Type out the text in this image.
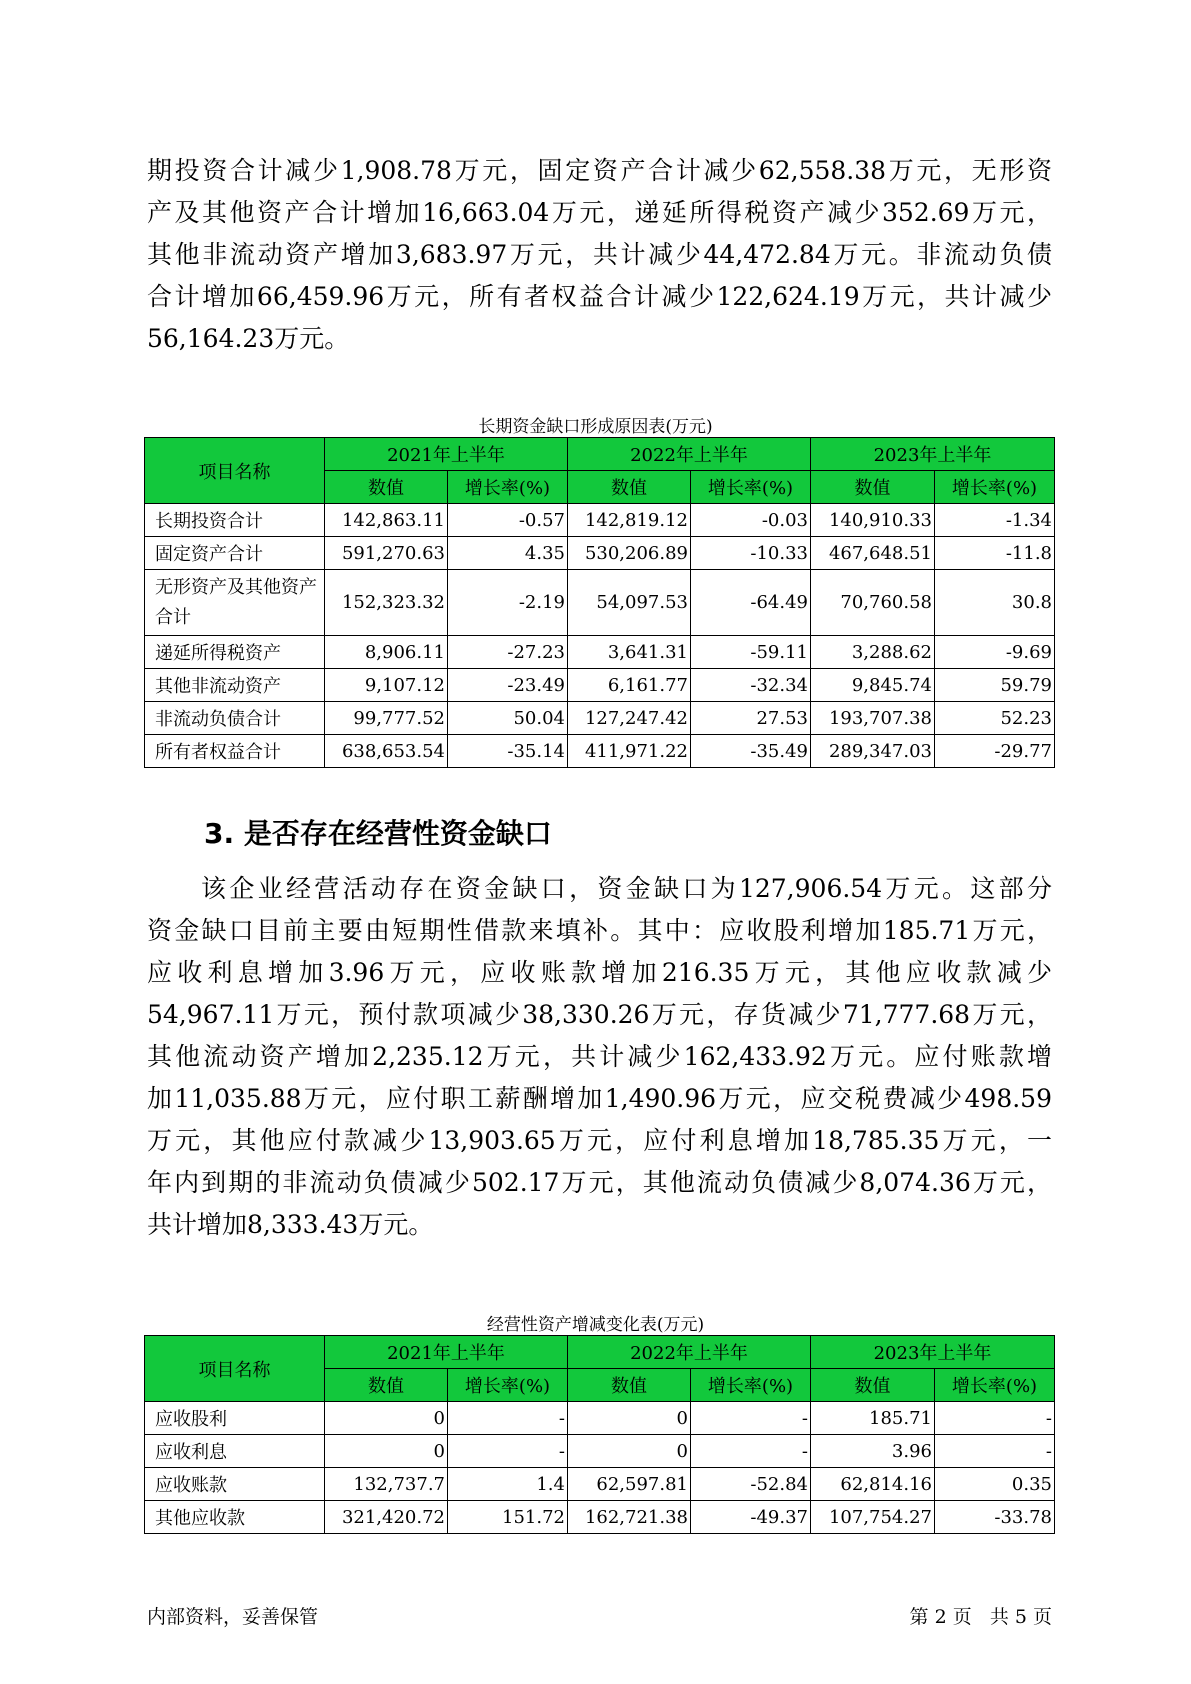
期投资合计减少1,908.78万元，固定资产合计减少62,558.38万元，无形资
产及其他资产合计增加16,663.04万元，递延所得税资产减少352.69万元，
其他非流动资产增加3,683.97万元，共计减少44,472.84万元。非流动负债
合计增加66,459.96万元，所有者权益合计减少122,624.19万元，共计减少
56,164.23万元。
长期资金缺口形成原因表(万元)
项目名称	2021年上半年		2022年上半年		2023年上半年	
	数值	增长率(%)	数值	增长率(%)	数值	增长率(%)
长期投资合计	142,863.11	-0.57	142,819.12	-0.03	140,910.33	-1.34
固定资产合计	591,270.63	4.35	530,206.89	-10.33	467,648.51	-11.8
无形资产及其他资产合计	152,323.32	-2.19	54,097.53	-64.49	70,760.58	30.8
递延所得税资产	8,906.11	-27.23	3,641.31	-59.11	3,288.62	-9.69
其他非流动资产	9,107.12	-23.49	6,161.77	-32.34	9,845.74	59.79
非流动负债合计	99,777.52	50.04	127,247.42	27.53	193,707.38	52.23
所有者权益合计	638,653.54	-35.14	411,971.22	-35.49	289,347.03	-29.77
3. 是否存在经营性资金缺口
该企业经营活动存在资金缺口，资金缺口为127,906.54万元。这部分
资金缺口目前主要由短期性借款来填补。其中：应收股利增加185.71万元，
应收利息增加3.96万元，应收账款增加216.35万元，其他应收款减少
54,967.11万元，预付款项减少38,330.26万元，存货减少71,777.68万元，
其他流动资产增加2,235.12万元，共计减少162,433.92万元。应付账款增
加11,035.88万元，应付职工薪酬增加1,490.96万元，应交税费减少498.59
万元，其他应付款减少13,903.65万元，应付利息增加18,785.35万元，一
年内到期的非流动负债减少502.17万元，其他流动负债减少8,074.36万元，
共计增加8,333.43万元。
经营性资产增减变化表(万元)
项目名称	2021年上半年		2022年上半年		2023年上半年	
	数值	增长率(%)	数值	增长率(%)	数值	增长率(%)
应收股利	0	-	0	-	185.71	-
应收利息	0	-	0	-	3.96	-
应收账款	132,737.7	1.4	62,597.81	-52.84	62,814.16	0.35
其他应收款	321,420.72	151.72	162,721.38	-49.37	107,754.27	-33.78
内部资料，妥善保管	第 2 页   共 5 页
